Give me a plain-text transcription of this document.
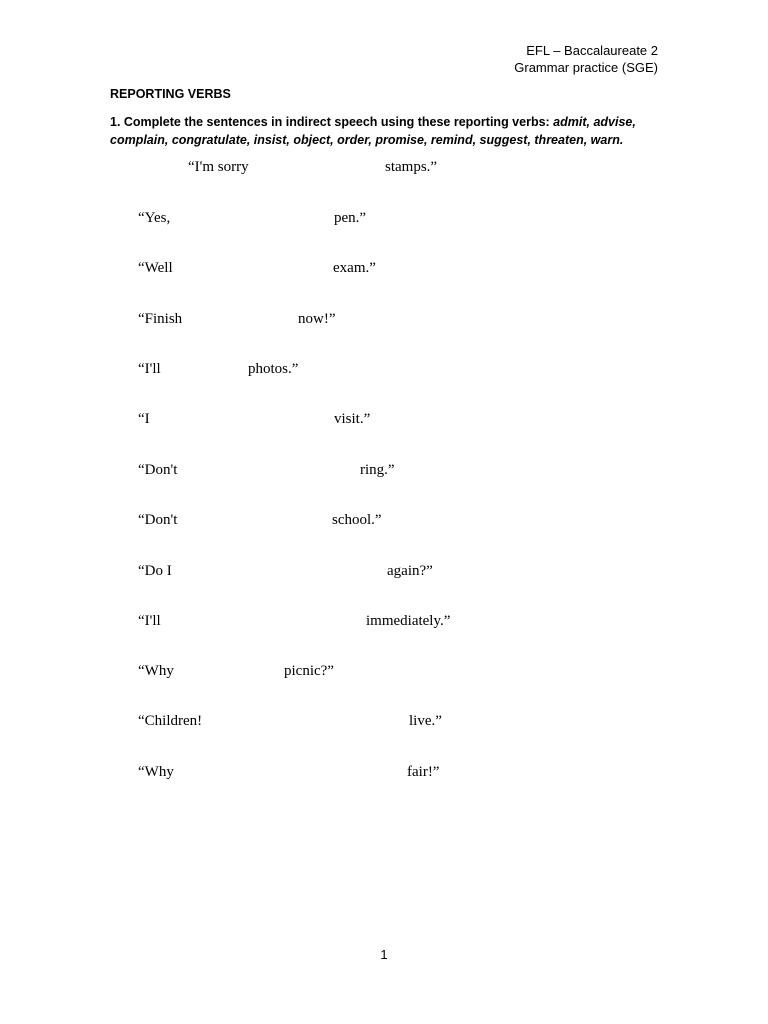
EFL – Baccalaureate 2
Grammar practice (SGE)
REPORTING VERBS
1. Complete the sentences in indirect speech using these reporting verbs: admit, advise, complain, congratulate, insist, object, order, promise, remind, suggest, threaten, warn.
“I'm sorry	stamps.”
“Yes,	pen.”
“Well	exam.”
“Finish	now!”
“I'll	photos.”
“I	visit.”
“Don't	ring.”
“Don't	school.”
“Do I	again?”
“I'll	immediately.”
“Why	picnic?”
“Children!	live.”
“Why	fair!”
1
